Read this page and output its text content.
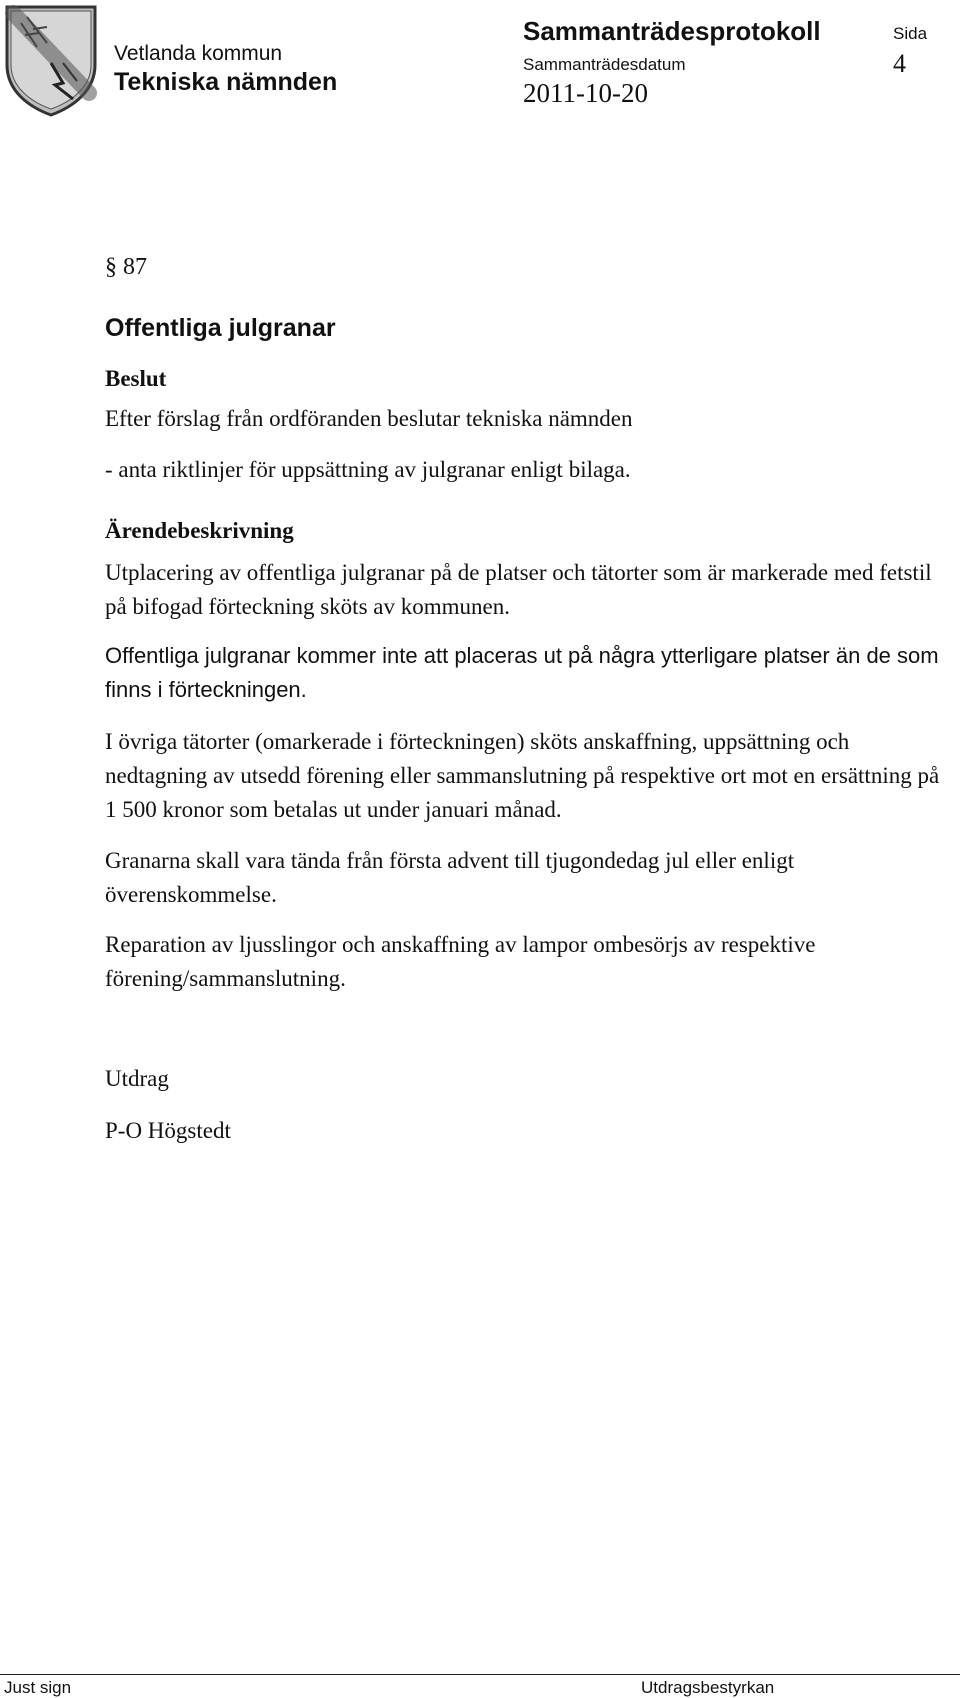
Vetlanda kommun
Tekniska nämnden
Sammanträdesprotokoll
Sammanträdesdatum
2011-10-20
Sida
4
§ 87
Offentliga julgranar
Beslut
Efter förslag från ordföranden beslutar tekniska nämnden
- anta riktlinjer för uppsättning av julgranar enligt bilaga.
Ärendebeskrivning

Utplacering av offentliga julgranar på de platser och tätorter som är markerade med fetstil på bifogad förteckning sköts av kommunen.

Offentliga julgranar kommer inte att placeras ut på några ytterligare platser än de som finns i förteckningen.

I övriga tätorter (omarkerade i förteckningen) sköts anskaffning, uppsättning och nedtagning av utsedd förening eller sammanslutning på respektive ort mot en ersättning på 1 500 kronor som betalas ut under januari månad.

Granarna skall vara tända från första advent till tjugondedag jul eller enligt överenskommelse.

Reparation av ljusslingor och anskaffning av lampor ombesörjs av respektive förening/sammanslutning.

Utdrag
P-O Högstedt
Just sign	Utdragsbestyrkan
